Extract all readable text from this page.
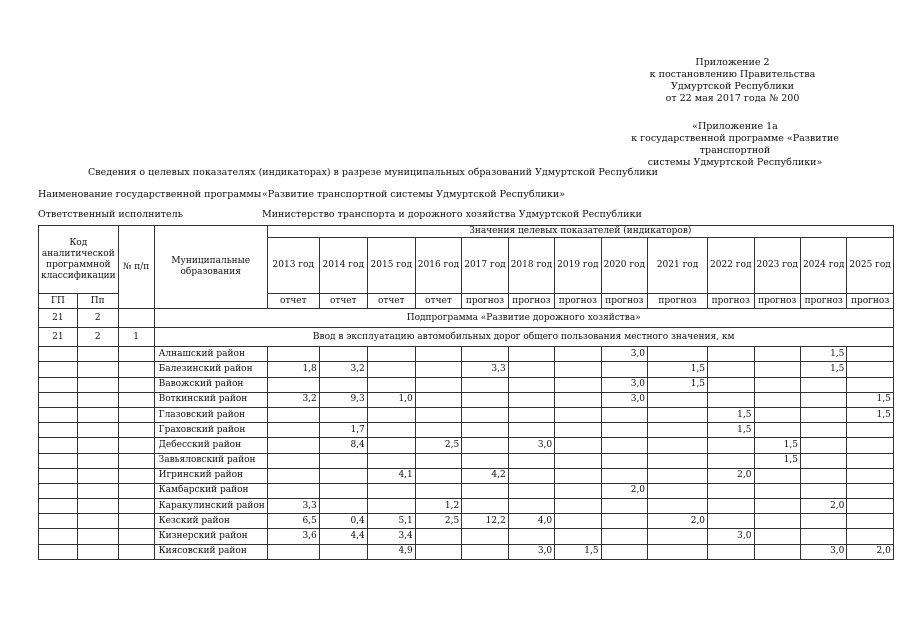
Приложение 2
к постановлению Правительства
Удмуртской Республики
от 22 мая 2017 года № 200
«Приложение 1а
к государственной программе «Развитие транспортной
системы Удмуртской Республики»
Сведения о целевых показателях (индикаторах) в разрезе муниципальных образований Удмуртской Республики
Наименование государственной программы «Развитие транспортной системы Удмуртской Республики»
Ответственный исполнитель	Министерство транспорта и дорожного хозяйства Удмуртской Республики
Код аналитической программной классификации		№ п/п	Муниципальные образования	Значения целевых показателей (индикаторов)												
				2013 год	2014 год	2015 год	2016 год	2017 год	2018 год	2019 год	2020 год	2021 год	2022 год	2023 год	2024 год	2025 год
ГП	Пп			отчет	отчет	отчет	отчет	прогноз	прогноз	прогноз	прогноз	прогноз	прогноз	прогноз	прогноз	прогноз
21	2		Подпрограмма «Развитие дорожного хозяйства»													
21	2	1	Ввод в эксплуатацию автомобильных дорог общего пользования местного значения, км													
			Алнашский район								3,0				1,5	
			Балезинский район	1,8	3,2			3,3				1,5			1,5	
			Вавожский район								3,0	1,5				
			Воткинский район	3,2	9,3	1,0					3,0					1,5
			Глазовский район										1,5			1,5
			Граховский район		1,7								1,5			
			Дебесский район		8,4		2,5		3,0					1,5		
			Завьяловский район											1,5		
			Игринский район			4,1		4,2					2,0			
			Камбарский район								2,0					
			Каракулинский район	3,3			1,2								2,0	
			Кезский район	6,5	0,4	5,1	2,5	12,2	4,0			2,0				
			Кизнерский район	3,6	4,4	3,4							3,0			
			Киясовский район			4,9			3,0	1,5					3,0	2,0
